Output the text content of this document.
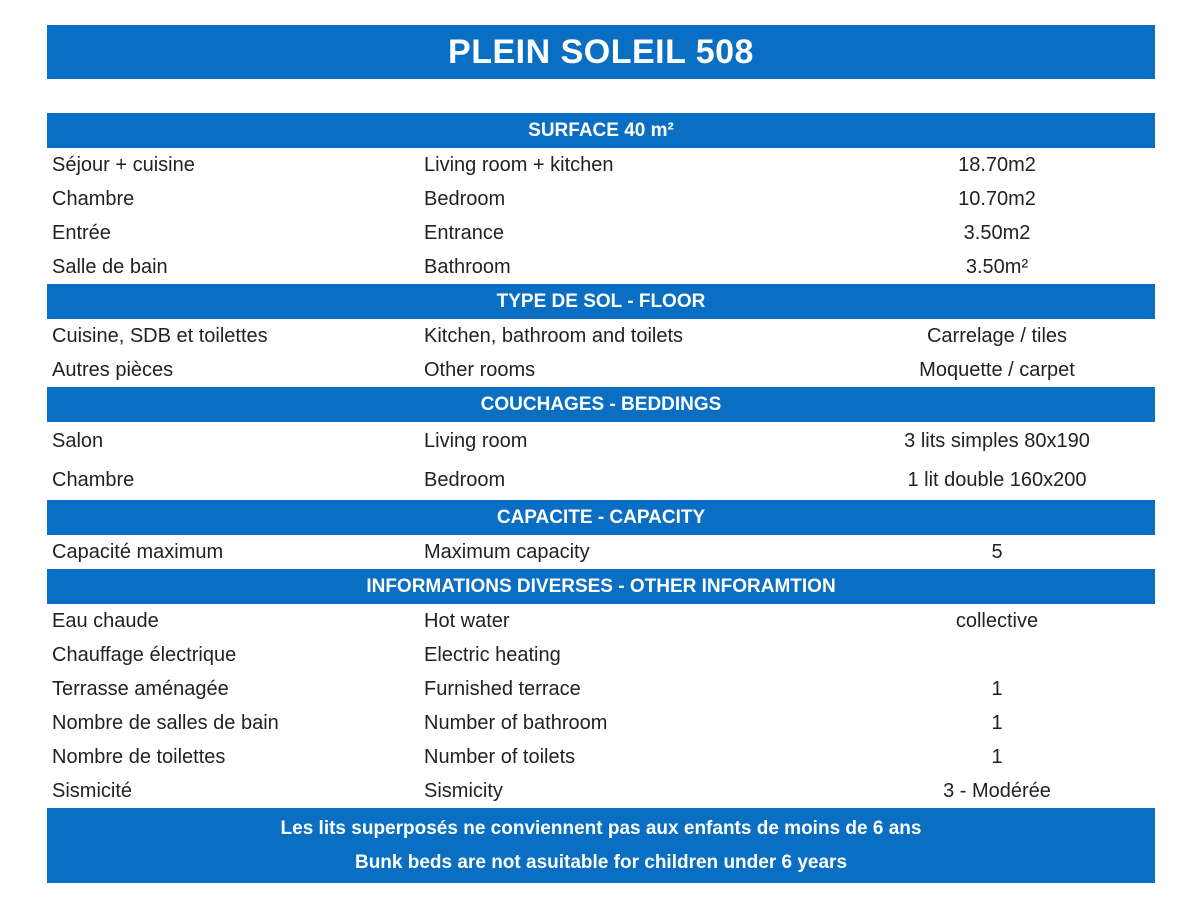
PLEIN SOLEIL 508
SURFACE 40 m²
Séjour + cuisine	Living room + kitchen	18.70m2
Chambre	Bedroom	10.70m2
Entrée	Entrance	3.50m2
Salle de bain	Bathroom	3.50m²
TYPE DE SOL - FLOOR
Cuisine, SDB et toilettes	Kitchen, bathroom and toilets	Carrelage / tiles
Autres pièces	Other rooms	Moquette / carpet
COUCHAGES - BEDDINGS
Salon	Living room	3 lits simples 80x190
Chambre	Bedroom	1 lit double 160x200
CAPACITE - CAPACITY
Capacité maximum	Maximum capacity	5
INFORMATIONS DIVERSES - OTHER INFORAMTION
Eau chaude	Hot water	collective
Chauffage électrique	Electric heating
Terrasse aménagée	Furnished terrace	1
Nombre de salles de bain	Number of bathroom	1
Nombre de toilettes	Number of toilets	1
Sismicité	Sismicity	3 - Modérée
Les lits superposés ne conviennent pas aux enfants de moins de 6 ans
Bunk beds are not asuitable for children under 6 years
